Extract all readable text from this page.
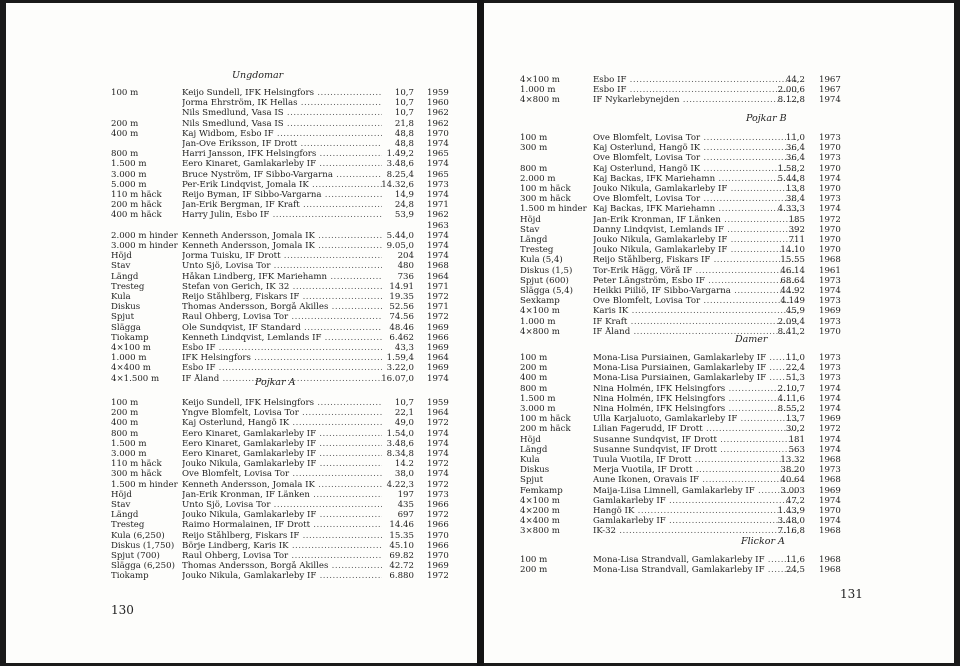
Ungdomar
100 m	Keijo Sundell, IFK Helsingfors .....	10,7 1959
Jorma Ehrström, IK Hellas .....	10,7 1960
Nils Smedlund, Vasa IS .....	10,7 1962
200 m	Nils Smedlund, Vasa IS .....	21,8 1962
400 m	Kaj Widbom, Esbo IF .....	48,8 1970
Jan-Ove Eriksson, IF Drott .....	48,8 1974
800 m	Harri Jansson, IFK Helsingfors .....	1.49,2 1965
1.500 m	Eero Kinaret, Gamlakarleby IF .....	3.48,6 1974
3.000 m	Bruce Nyström, IF Sibbo-Vargarna .....	8.25,4 1965
5.000 m	Per-Erik Lindqvist, Jomala IK .....	14.32,6 1973
110 m häck Reijo Byman, IF Sibbo-Vargarna .....	14,9 1974
200 m häck Jan-Erik Bergman, IF Kraft .....	24,8 1971
400 m häck Harry Julin, Esbo IF .....	53,9 1962
1963
2.000 m hinder Kenneth Andersson, Jomala IK .....	5.44,0 1974
3.000 m hinder Kenneth Andersson, Jomala IK .....	9.05,0 1974
Höjd	Jorma Tuisku, IF Drott .....	204 1974
Stav	Unto Sjö, Lovisa Tor .....	480 1968
Längd	Håkan Lindberg, IFK Mariehamn .....	736 1964
Tresteg	Stefan von Gerich, IK 32 .....	14.91 1971
Kula	Reijo Ståhlberg, Fiskars IF .....	19.35 1972
Diskus	Thomas Andersson, Borgå Akilles .....	52.56 1971
Spjut	Raul Öhberg, Lovisa Tor .....	74.56 1972
Slägga	Ole Sundqvist, IF Standard .....	48.46 1969
Tiokamp	Kenneth Lindqvist, Lemlands IF .....	6.462 1966
4×100 m	Esbo IF .....	43,3 1969
1.000 m	IFK Helsingfors .....	1.59,4 1964
4×400 m	Esbo IF .....	3.22,0 1969
4×1.500 m	IF Åland .....	16.07,0 1974
Pojkar A
100 m	Keijo Sundell, IFK Helsingfors .....	10,7 1959
200 m	Yngve Blomfelt, Lovisa Tor .....	22,1 1964
400 m	Kaj Österlund, Hangö IK .....	49,0 1972
800 m	Eero Kinaret, Gamlakarleby IF .....	1.54,0 1974
1.500 m	Eero Kinaret, Gamlakarleby IF .....	3.48,6 1974
3.000 m	Eero Kinaret, Gamlakarleby IF .....	8.34,8 1974
110 m häck Jouko Nikula, Gamlakarleby IF .....	14.2 1972
300 m häck Ove Blomfelt, Lovisa Tor .....	38,0 1974
1.500 m hinder Kenneth Andersson, Jomala IK .....	4.22,3 1972
Höjd	Jan-Erik Kronman, IF Länken .....	197 1973
Stav	Unto Sjö, Lovisa Tor .....	435 1966
Längd	Jouko Nikula, Gamlakarleby IF .....	697 1972
Tresteg	Raimo Hormalainen, IF Drott .....	14.46 1966
Kula (6,250) Reijo Ståhlberg, Fiskars IF .....	15.35 1970
Diskus (1,750) Börje Lindberg, Karis IK .....	45.10 1966
Spjut (700)	Raul Öhberg, Lovisa Tor .....	69.82 1970
Slägga (6,250) Thomas Andersson, Borgå Akilles .....	42.72 1969
Tiokamp	Jouko Nikula, Gamlakarleby IF .....	6.880 1972
130
4×100 m	Esbo IF .....	44,2 1967
1.000 m	Esbo IF .....	2.00,6 1967
4×800 m	IF Nykarlebynejden .....	8.12,8 1974
Pojkar B
100 m	Ove Blomfelt, Lovisa Tor .....	11,0 1973
300 m	Kaj Österlund, Hangö IK .....	36,4 1970
Ove Blomfelt, Lovisa Tor .....	36,4 1973
800 m	Kaj Österlund, Hangö IK .....	1.58,2 1970
2.000 m	Kaj Backas, IFK Mariehamn .....	5.44,8 1974
100 m häck	Jouko Nikula, Gamlakarleby IF .....	13,8 1970
300 m häck	Ove Blomfelt, Lovisa Tor .....	38,4 1973
1.500 m hinder Kaj Backas, IFK Mariehamn .....	4.33,3 1974
Höjd	Jan-Erik Kronman, IF Länken .....	185 1972
Stav	Danny Lindqvist, Lemlands IF .....	392 1970
Längd	Jouko Nikula, Gamlakarleby IF .....	711 1970
Tresteg	Jouko Nikula, Gamlakarleby IF .....	14.10 1970
Kula (5,4)	Reijo Ståhlberg, Fiskars IF .....	15.55 1968
Diskus (1,5) Tor-Erik Hägg, Vörå IF .....	46.14 1961
Spjut (600)	Peter Längström, Esbo IF .....	68.64 1973
Slägga (5,4) Heikki Piiliö, IF Sibbo-Vargarna .....	44.92 1974
Sexkamp	Ove Blomfelt, Lovisa Tor .....	4.149 1973
4×100 m	Karis IK .....	45,9 1969
1.000 m	IF Kraft .....	2.09,4 1973
4×800 m	IF Åland .....	8.41,2 1970
Damer
100 m	Mona-Lisa Pursiainen, Gamlakarleby IF .....	11,0 1973
200 m	Mona-Lisa Pursiainen, Gamlakarleby IF .....	22,4 1973
400 m	Mona-Lisa Pursiainen, Gamlakarleby IF .....	51,3 1973
800 m	Nina Holmén, IFK Helsingfors .....	2.10,7 1974
1.500 m	Nina Holmén, IFK Helsingfors .....	4.11,6 1974
3.000 m	Nina Holmén, IFK Helsingfors .....	8.55,2 1974
100 m häck	Ulla Karjaluoto, Gamlakarleby IF .....	13,7 1969
200 m häck	Lilian Fagerudd, IF Drott .....	30,2 1972
Höjd	Susanne Sundqvist, IF Drott .....	181 1974
Längd	Susanne Sundqvist, IF Drott .....	563 1974
Kula	Tuula Vuotila, IF Drott .....	13.32 1968
Diskus	Merja Vuotila, IF Drott .....	38.20 1973
Spjut	Aune Ikonen, Oravais IF .....	40.64 1968
Femkamp	Maija-Liisa Limnell, Gamlakarleby IF .....	3.003 1969
4×100 m	Gamlakarleby IF .....	47,2 1974
4×200 m	Hangö IK .....	1.43,9 1970
4×400 m	Gamlakarleby IF .....	3.48,0 1974
3×800 m	IK-32 .....	7.16,8 1968
Flickor A
100 m	Mona-Lisa Strandvall, Gamlakarleby IF .....	11,6 1968
200 m	Mona-Lisa Strandvall, Gamlakarleby IF .....	24,5 1968
131
